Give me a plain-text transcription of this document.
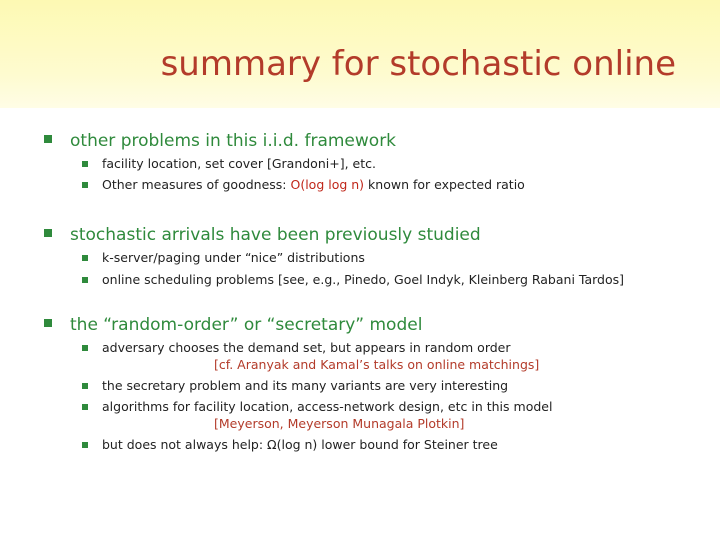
summary for stochastic online
other problems in this i.i.d. framework
facility location, set cover [Grandoni+], etc.
Other measures of goodness: O(log log n) known for expected ratio
stochastic arrivals have been previously studied
k-server/paging under “nice” distributions
online scheduling problems [see, e.g., Pinedo, Goel Indyk, Kleinberg Rabani Tardos]
the “random-order” or “secretary” model
adversary chooses the demand set, but appears in random order
[cf. Aranyak and Kamal’s talks on online matchings]
the secretary problem and its many variants are very interesting
algorithms for facility location, access-network design, etc in this model
[Meyerson, Meyerson Munagala Plotkin]
but does not always help: Ω(log n) lower bound for Steiner tree
